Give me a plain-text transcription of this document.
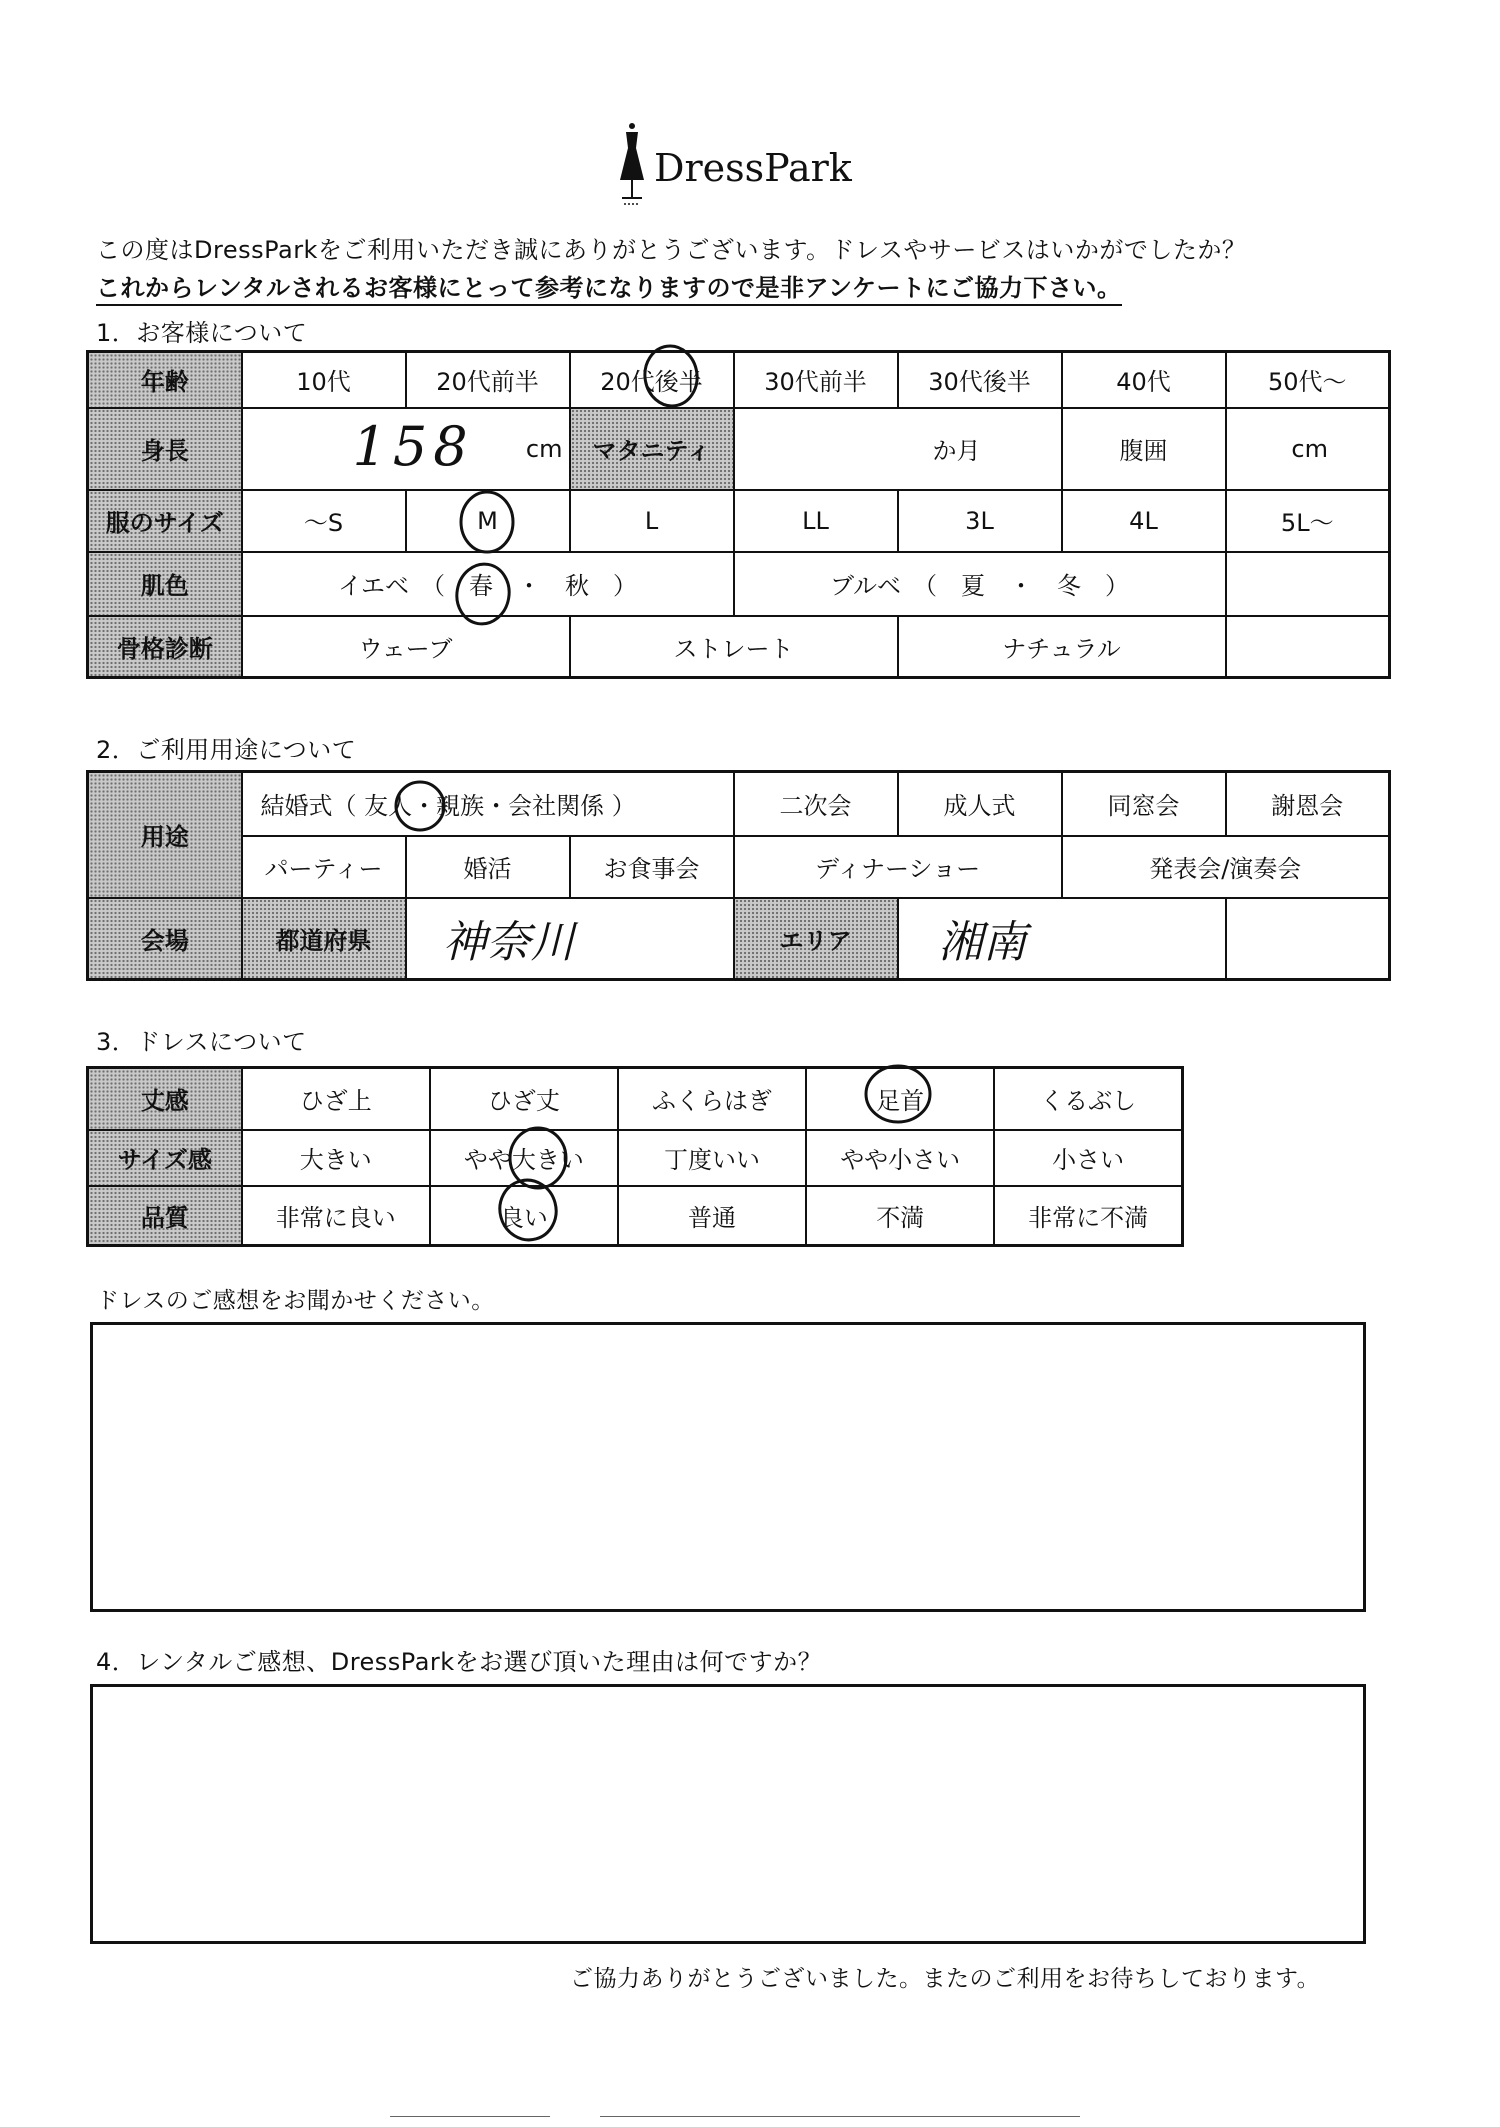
DressPark
この度はDressParkをご利用いただき誠にありがとうございます。ドレスやサービスはいかがでしたか？
これからレンタルされるお客様にとって参考になりますので是非アンケートにご協力下さい。
1．お客様について
年齢	10代	20代前半	20代後半	30代前半	30代後半	40代	50代～
身長	158 cm		マタニティ	か月		腹囲	cm
服のサイズ	～S	M	L	LL	3L	4L	5L～
肌色	イエベ　（　春　・　秋　）			ブルベ　（　夏　・　冬　）			
骨格診断	ウェーブ		ストレート		ナチュラル		
2．ご利用用途について
用途	結婚式（ 友人・親族・会社関係 ）			二次会	成人式	同窓会	謝恩会
	パーティー	婚活	お食事会	ディナーショー		発表会/演奏会	
会場	都道府県	神奈川		エリア	湘南		
3．ドレスについて
丈感	ひざ上	ひざ丈	ふくらはぎ	足首	くるぶし
サイズ感	大きい	やや大きい	丁度いい	やや小さい	小さい
品質	非常に良い	良い	普通	不満	非常に不満
ドレスのご感想をお聞かせください。
4．レンタルご感想、DressParkをお選び頂いた理由は何ですか？
ご協力ありがとうございました。またのご利用をお待ちしております。
